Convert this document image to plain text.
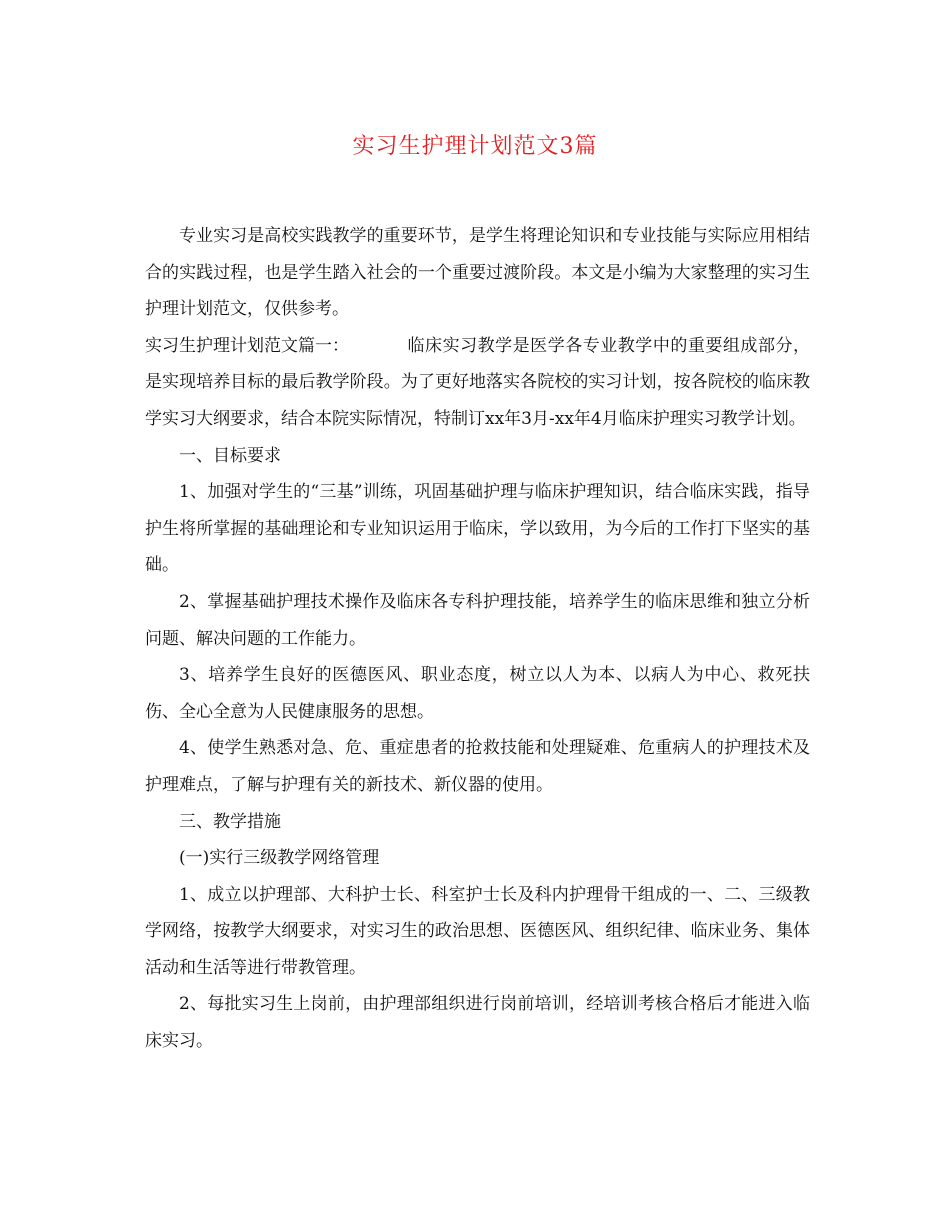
实习生护理计划范文3篇

专业实习是高校实践教学的重要环节，是学生将理论知识和专业技能与实际应用相结合的实践过程，也是学生踏入社会的一个重要过渡阶段。本文是小编为大家整理的实习生护理计划范文，仅供参考。

实习生护理计划范文篇一：	临床实习教学是医学各专业教学中的重要组成部分，是实现培养目标的最后教学阶段。为了更好地落实各院校的实习计划，按各院校的临床教学实习大纲要求，结合本院实际情况，特制订xx年3月-xx年4月临床护理实习教学计划。

一、目标要求

1、加强对学生的“三基”训练，巩固基础护理与临床护理知识，结合临床实践，指导护生将所掌握的基础理论和专业知识运用于临床，学以致用，为今后的工作打下坚实的基础。

2、掌握基础护理技术操作及临床各专科护理技能，培养学生的临床思维和独立分析问题、解决问题的工作能力。

3、培养学生良好的医德医风、职业态度，树立以人为本、以病人为中心、救死扶伤、全心全意为人民健康服务的思想。

4、使学生熟悉对急、危、重症患者的抢救技能和处理疑难、危重病人的护理技术及护理难点，了解与护理有关的新技术、新仪器的使用。

三、教学措施

(一)实行三级教学网络管理

1、成立以护理部、大科护士长、科室护士长及科内护理骨干组成的一、二、三级教学网络，按教学大纲要求，对实习生的政治思想、医德医风、组织纪律、临床业务、集体活动和生活等进行带教管理。

2、每批实习生上岗前，由护理部组织进行岗前培训，经培训考核合格后才能进入临床实习。
